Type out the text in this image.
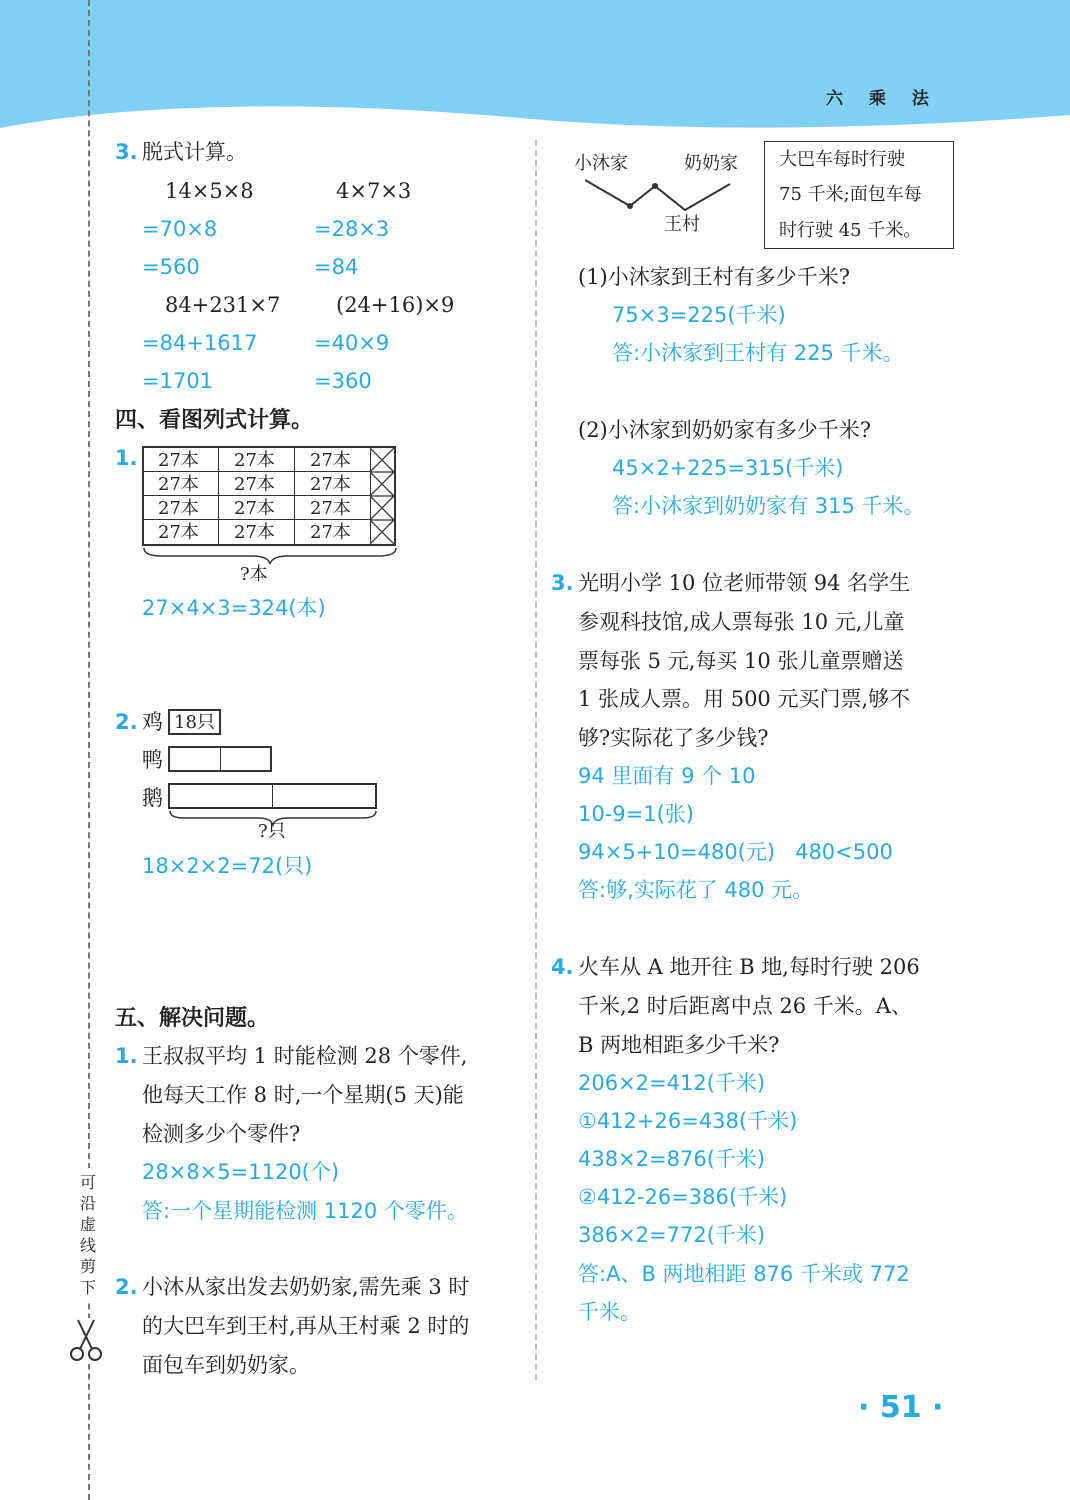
六 乘 法
可沿虚线剪下
3. 脱式计算。
14×5×8
=70×8
=560
4×7×3
=28×3
=84
84+231×7
=84+1617
=1701
(24+16)×9
=40×9
=360
四、看图列式计算。
1. 27本 27本 27本
27本 27本 27本
27本 27本 27本
27本 27本 27本
?本
27×4×3=324(本)
2. 鸡 18只
鸭
鹅
?只
18×2×2=72(只)
五、解决问题。
1. 王叔叔平均 1 时能检测 28 个零件,
他每天工作 8 时,一个星期(5 天)能
检测多少个零件?
28×8×5=1120(个)
答:一个星期能检测 1120 个零件。
2. 小沐从家出发去奶奶家,需先乘 3 时
的大巴车到王村,再从王村乘 2 时的
面包车到奶奶家。
小沐家	奶奶家
王村
大巴车每时行驶
75 千米;面包车每
时行驶 45 千米。
(1)小沐家到王村有多少千米?
75×3=225(千米)
答:小沐家到王村有 225 千米。
(2)小沐家到奶奶家有多少千米?
45×2+225=315(千米)
答:小沐家到奶奶家有 315 千米。
3. 光明小学 10 位老师带领 94 名学生
参观科技馆,成人票每张 10 元,儿童
票每张 5 元,每买 10 张儿童票赠送
1 张成人票。用 500 元买门票,够不
够?实际花了多少钱?
94 里面有 9 个 10
10-9=1(张)
94×5+10=480(元)   480<500
答:够,实际花了 480 元。
4. 火车从 A 地开往 B 地,每时行驶 206
千米,2 时后距离中点 26 千米。A、
B 两地相距多少千米?
206×2=412(千米)
①412+26=438(千米)
438×2=876(千米)
②412-26=386(千米)
386×2=772(千米)
答:A、B 两地相距 876 千米或 772
千米。
· 51 ·
